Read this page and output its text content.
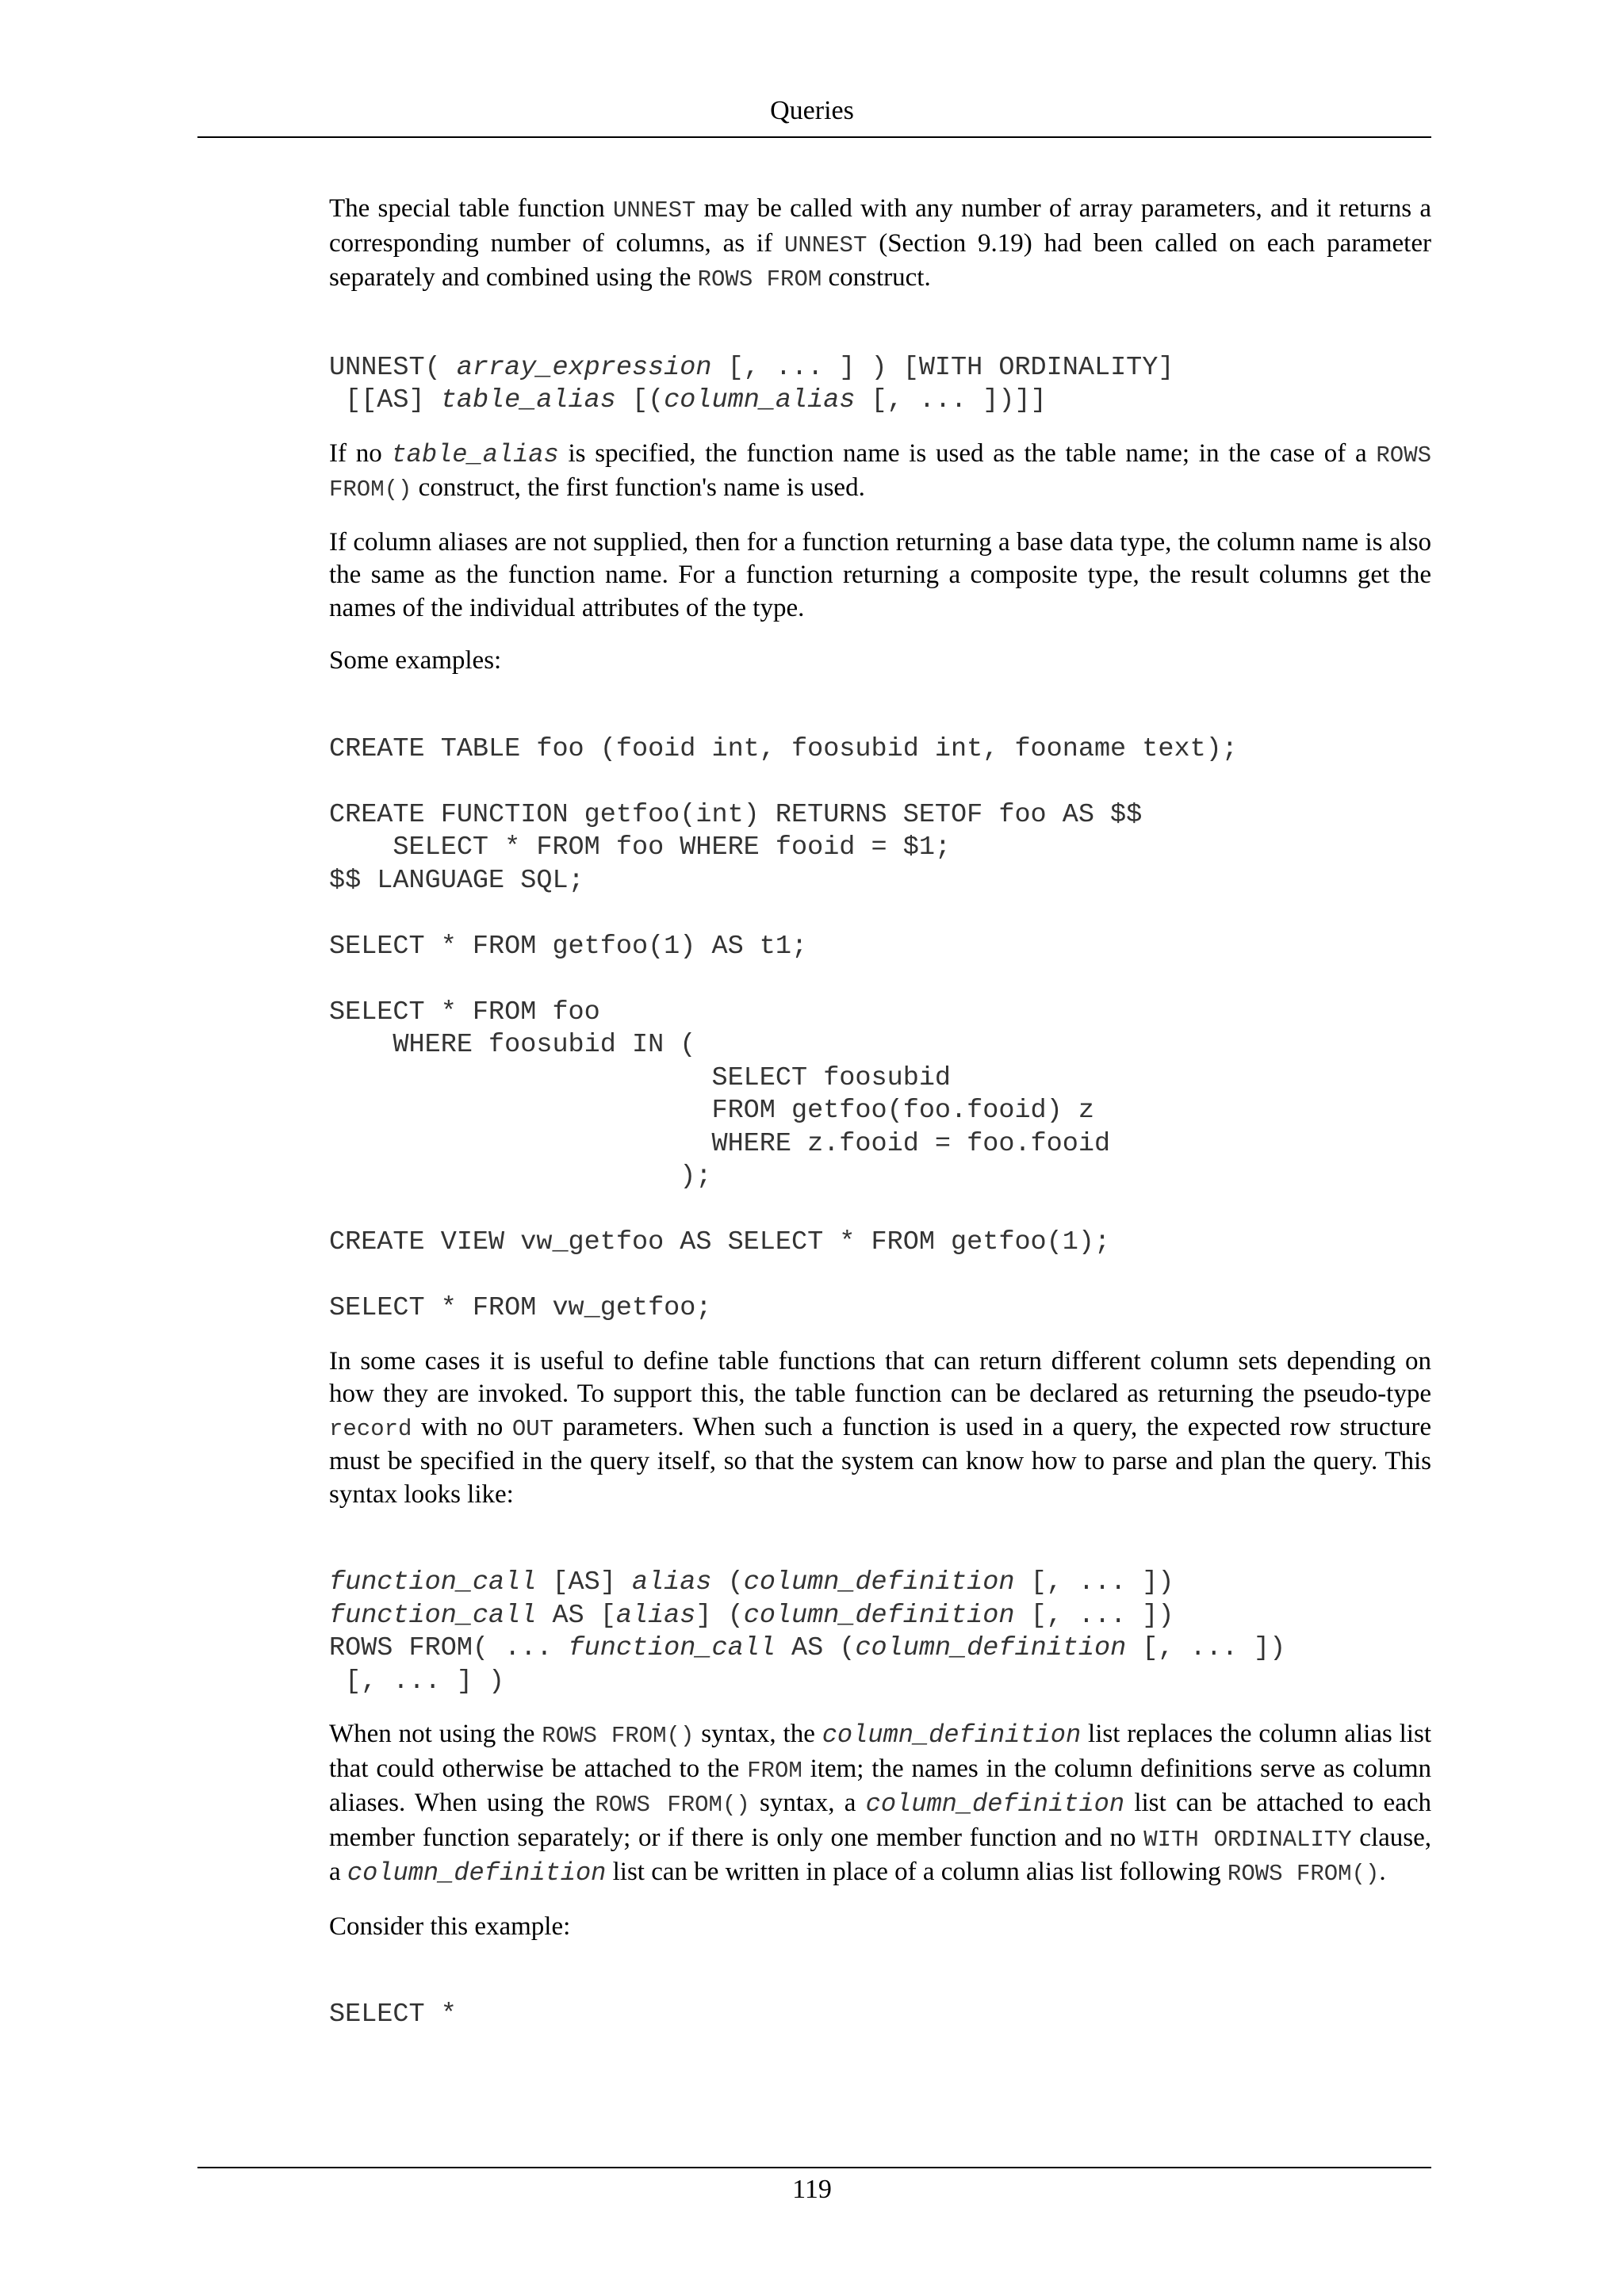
Queries

The special table function UNNEST may be called with any number of array parameters, and it returns a corresponding number of columns, as if UNNEST (Section 9.19) had been called on each parameter separately and combined using the ROWS FROM construct.

UNNEST( array_expression [, ... ] ) [WITH ORDINALITY]
[[AS] table_alias [(column_alias [, ... ])]]

If no table_alias is specified, the function name is used as the table name; in the case of a ROWS FROM() construct, the first function's name is used.

If column aliases are not supplied, then for a function returning a base data type, the column name is also the same as the function name. For a function returning a composite type, the result columns get the names of the individual attributes of the type.

Some examples:

CREATE TABLE foo (fooid int, foosubid int, fooname text);

CREATE FUNCTION getfoo(int) RETURNS SETOF foo AS $$
SELECT * FROM foo WHERE fooid = $1;
$$ LANGUAGE SQL;

SELECT * FROM getfoo(1) AS t1;

SELECT * FROM foo
WHERE foosubid IN (
SELECT foosubid
FROM getfoo(foo.fooid) z
WHERE z.fooid = foo.fooid
);

CREATE VIEW vw_getfoo AS SELECT * FROM getfoo(1);

SELECT * FROM vw_getfoo;

In some cases it is useful to define table functions that can return different column sets depending on how they are invoked. To support this, the table function can be declared as returning the pseudo-type record with no OUT parameters. When such a function is used in a query, the expected row structure must be specified in the query itself, so that the system can know how to parse and plan the query. This syntax looks like:

function_call [AS] alias (column_definition [, ... ])
function_call AS [alias] (column_definition [, ... ])
ROWS FROM( ... function_call AS (column_definition [, ... ])
[, ... ] )

When not using the ROWS FROM() syntax, the column_definition list replaces the column alias list that could otherwise be attached to the FROM item; the names in the column definitions serve as column aliases. When using the ROWS FROM() syntax, a column_definition list can be attached to each member function separately; or if there is only one member function and no WITH ORDINALITY clause, a column_definition list can be written in place of a column alias list following ROWS FROM().

Consider this example:

SELECT *
119
